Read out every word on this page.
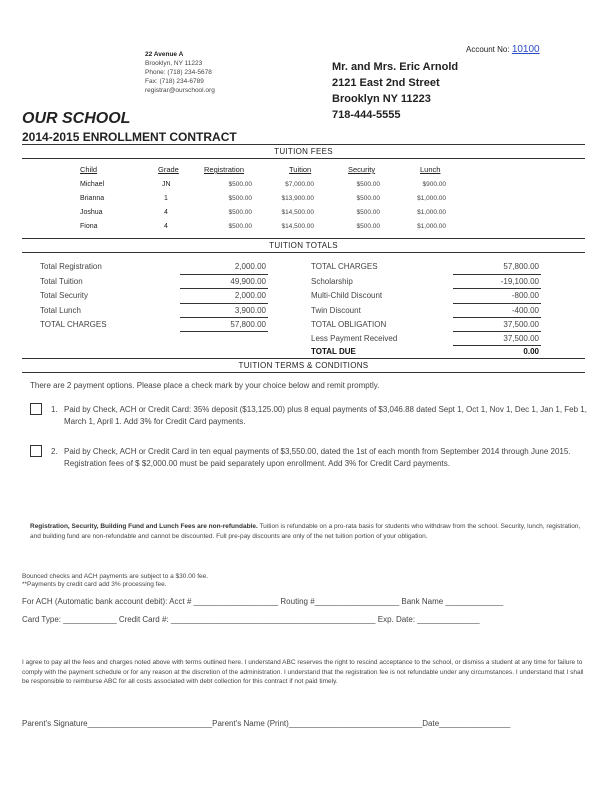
22 Avenue A
Brooklyn, NY 11223
Phone: (718) 234-5678
Fax: (718) 234-6789
registrar@ourschool.org
Account No: 10100
Mr. and Mrs. Eric Arnold
2121 East 2nd Street
Brooklyn NY 11223
718-444-5555
OUR SCHOOL
2014-2015 ENROLLMENT CONTRACT
TUITION FEES
Child	Grade	Registration	Tuition	Security	Lunch
Michael	JN	$500.00	$7,000.00	$500.00	$900.00
Brianna	1	$500.00	$13,900.00	$500.00	$1,000.00
Joshua	4	$500.00	$14,500.00	$500.00	$1,000.00
Fiona	4	$500.00	$14,500.00	$500.00	$1,000.00
TUITION TOTALS
Total Registration	2,000.00
Total Tuition	49,900.00
Total Security	2,000.00
Total Lunch	3,900.00
TOTAL CHARGES	57,800.00
TOTAL CHARGES	57,800.00
Scholarship	-19,100.00
Multi-Child Discount	-800.00
Twin Discount	-400.00
TOTAL OBLIGATION	37,500.00
Less Payment Received	37,500.00
TOTAL DUE	0.00
TUITION TERMS & CONDITIONS
There are 2 payment options. Please place a check mark by your choice below and remit promptly.
1. Paid by Check, ACH or Credit Card: 35% deposit ($13,125.00) plus 8 equal payments of $3,046.88 dated Sept 1, Oct 1, Nov 1, Dec 1, Jan 1, Feb 1, March 1, April 1. Add 3% for Credit Card payments.
2. Paid by Check, ACH or Credit Card in ten equal payments of $3,550.00, dated the 1st of each month from September 2014 through June 2015. Registration fees of $ $2,000.00 must be paid separately upon enrollment. Add 3% for Credit Card payments.
Registration, Security, Building Fund and Lunch Fees are non-refundable. Tuition is refundable on a pro-rata basis for students who withdraw from the school. Security, lunch, registration, and building fund are non-refundable and cannot be discounted. Full pre-pay discounts are only of the net tuition portion of your obligation.
Bounced checks and ACH payments are subject to a $30.00 fee.
**Payments by credit card add 3% processing fee.
For ACH (Automatic bank account debit): Acct # ___________________ Routing #___________________ Bank Name _____________
Card Type: ____________ Credit Card #: ______________________________________________ Exp. Date: ______________
I agree to pay all the fees and charges noted above with terms outlined here. I understand ABC reserves the right to rescind acceptance to the school, or dismiss a student at any time for failure to comply with the payment schedule or for any reason at the discretion of the administration. I understand that the registration fee is not refundable under any circumstances. I understand that I shall be responsible to reimburse ABC for all costs associated with debt collection for this contract if not paid timely.
Parent's Signature____________________________Parent's Name (Print)______________________________Date________________
